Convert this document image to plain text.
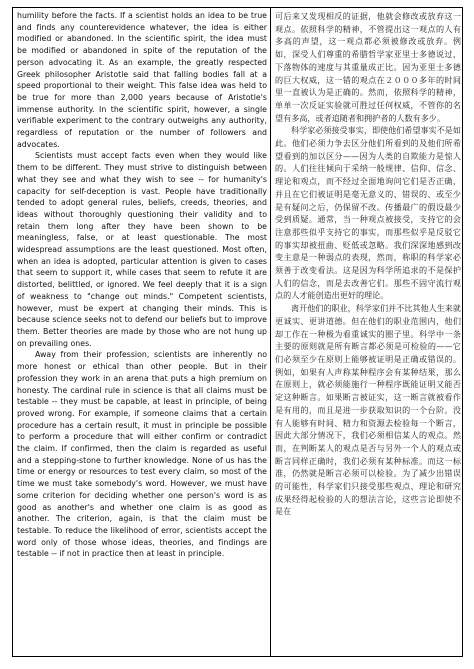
humility before the facts. If a scientist holds an idea to be true and finds any counterevidence whatever, the idea is either modified or abandoned. In the scientific spirit, the idea must be modified or abandoned in spite of the reputation of the person advocating it. As an example, the greatly respected Greek philosopher Aristotle said that falling bodies fall at a speed proportional to their weight. This false idea was held to be true for more than 2,000 years because of Aristotle's immense authority. In the scientific spirit, however, a single verifiable experiment to the contrary outweighs any authority, regardless of reputation or the number of followers and advocates.

Scientists must accept facts even when they would like them to be different. They must strive to distinguish between what they see and what they wish to see -- for humanity's capacity for self-deception is vast. People have traditionally tended to adopt general rules, beliefs, creeds, theories, and ideas without thoroughly questioning their validity and to retain them long after they have been shown to be meaningless, false, or at least questionable. The most widespread assumptions are the least questioned. Most often, when an idea is adopted, particular attention is given to cases that seem to support it, while cases that seem to refute it are distorted, belittled, or ignored. We feel deeply that it is a sign of weakness to "change out minds." Competent scientists, however, must be expert at changing their minds. This is because science seeks not to defend our beliefs but to improve them. Better theories are made by those who are not hung up on prevailing ones.

Away from their profession, scientists are inherently no more honest or ethical than other people. But in their profession they work in an arena that puts a high premium on honesty. The cardinal rule in science is that all claims must be testable -- they must be capable, at least in principle, of being proved wrong. For example, if someone claims that a certain procedure has a certain result, it must in principle be possible to perform a procedure that will either confirm or contradict the claim. If confirmed, then the claim is regarded as useful and a stepping-stone to further knowledge. None of us has the time or energy or resources to test every claim, so most of the time we must take somebody's word. However, we must have some criterion for deciding whether one person's word is as good as another's and whether one claim is as good as another. The criterion, again, is that the claim must be testable. To reduce the likelihood of error, scientists accept the word only of those whose ideas, theories, and findings are testable -- if not in practice then at least in principle.

可后来又发现相反的证据，他就会修改或放弃这一观点。依照科学的精神，不管提出这一观点的人有多高的声望，这一观点都必须被修改或放弃。例如，深受人们尊重的希腊哲学家亚里士多德说过，下落物体的速度与其重量成正比。因为亚里士多德的巨大权威，这一错的观点在２０００多年的时间里一直被认为是正确的。然而，依照科学的精神，单单一次反证实验就可胜过任何权威，不管你的名望有多高，或者追随者和拥护者的人数有多少。

科学家必须接受事实，即使他们希望事实不是如此。他们必须力争去区分他们所看到的及他们所希望看到的加以区分——因为人类的自欺能力是惊人的。人们往往倾向于采纳一般规律、信仰、信念、理论和观点，而不经过全面地询问它们是否正确，并且在它们被证明是毫无意义的、错误的、或至少是有疑问之后，仍保留不改。传播最广的假设最少受到质疑。通常，当一种观点被接受，支持它的会注意那些似乎支持它的事实，而那些似乎是反驳它的事实却被扭曲、贬低或忽略。我们深深地感到改变主意是一种弱点的表现，然而，称职的科学家必须善于改变看法。这是因为科学所追求的不是保护人们的信念，而是去改善它们。那些不固守流行观点的人才能创造出更好的理论。

离开他们的职业，科学家们并不比其他人生来就更诚实、更讲道德。但在他们的职业范围内，他们却工作在一种极为看重诚实的圈子里。科学中一条主要的原则就是所有断言都必须是可检验的——它们必须至少在原则上能够被证明是正确或错误的。例如，如果有人声称某种程序会有某种结果，那么在原则上，就必须能施行一种程序既能证明又能否定这种断言。如果断言被证实，这一断言就被看作是有用的，而且是进一步获取知识的一个台阶。没有人能够有时间、精力和资源去检验每一个断言，因此大部分情况下，我们必须相信某人的观点。然而，在判断某人的观点是否与另外一个人的观点或断言同样正确时，我们必须有某种标准。而这一标准，仍然就是断言必须可以检验。为了减少出错误的可能性，科学家们只接受那些观点、理论和研究成果经得起检验的人的想法言论，这些言论即使不是在
